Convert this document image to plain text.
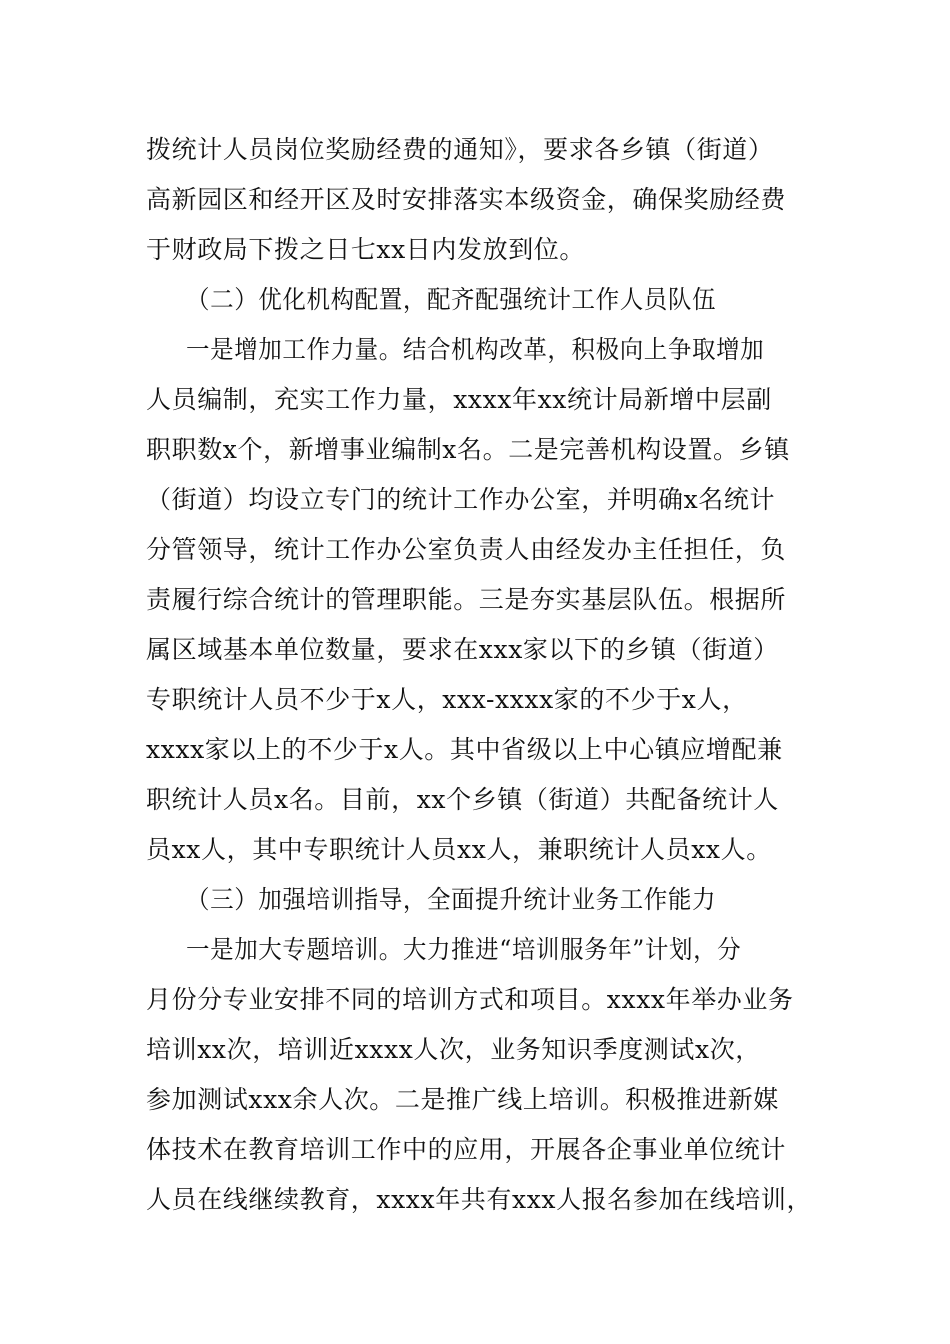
拨统计人员岗位奖励经费的通知》，要求各乡镇（街道）
高新园区和经开区及时安排落实本级资金，确保奖励经费
于财政局下拨之日七xx日内发放到位。
（二）优化机构配置，配齐配强统计工作人员队伍
一是增加工作力量。结合机构改革，积极向上争取增加
人员编制，充实工作力量，xxxx年xx统计局新增中层副
职职数x个，新增事业编制x名。二是完善机构设置。乡镇
（街道）均设立专门的统计工作办公室，并明确x名统计
分管领导，统计工作办公室负责人由经发办主任担任，负
责履行综合统计的管理职能。三是夯实基层队伍。根据所
属区域基本单位数量，要求在xxx家以下的乡镇（街道）
专职统计人员不少于x人，xxx-xxxx家的不少于x人，
xxxx家以上的不少于x人。其中省级以上中心镇应增配兼
职统计人员x名。目前，xx个乡镇（街道）共配备统计人
员xx人，其中专职统计人员xx人，兼职统计人员xx人。
（三）加强培训指导，全面提升统计业务工作能力
一是加大专题培训。大力推进“培训服务年”计划，分
月份分专业安排不同的培训方式和项目。xxxx年举办业务
培训xx次，培训近xxxx人次，业务知识季度测试x次，
参加测试xxx余人次。二是推广线上培训。积极推进新媒
体技术在教育培训工作中的应用，开展各企事业单位统计
人员在线继续教育，xxxx年共有xxx人报名参加在线培训，
